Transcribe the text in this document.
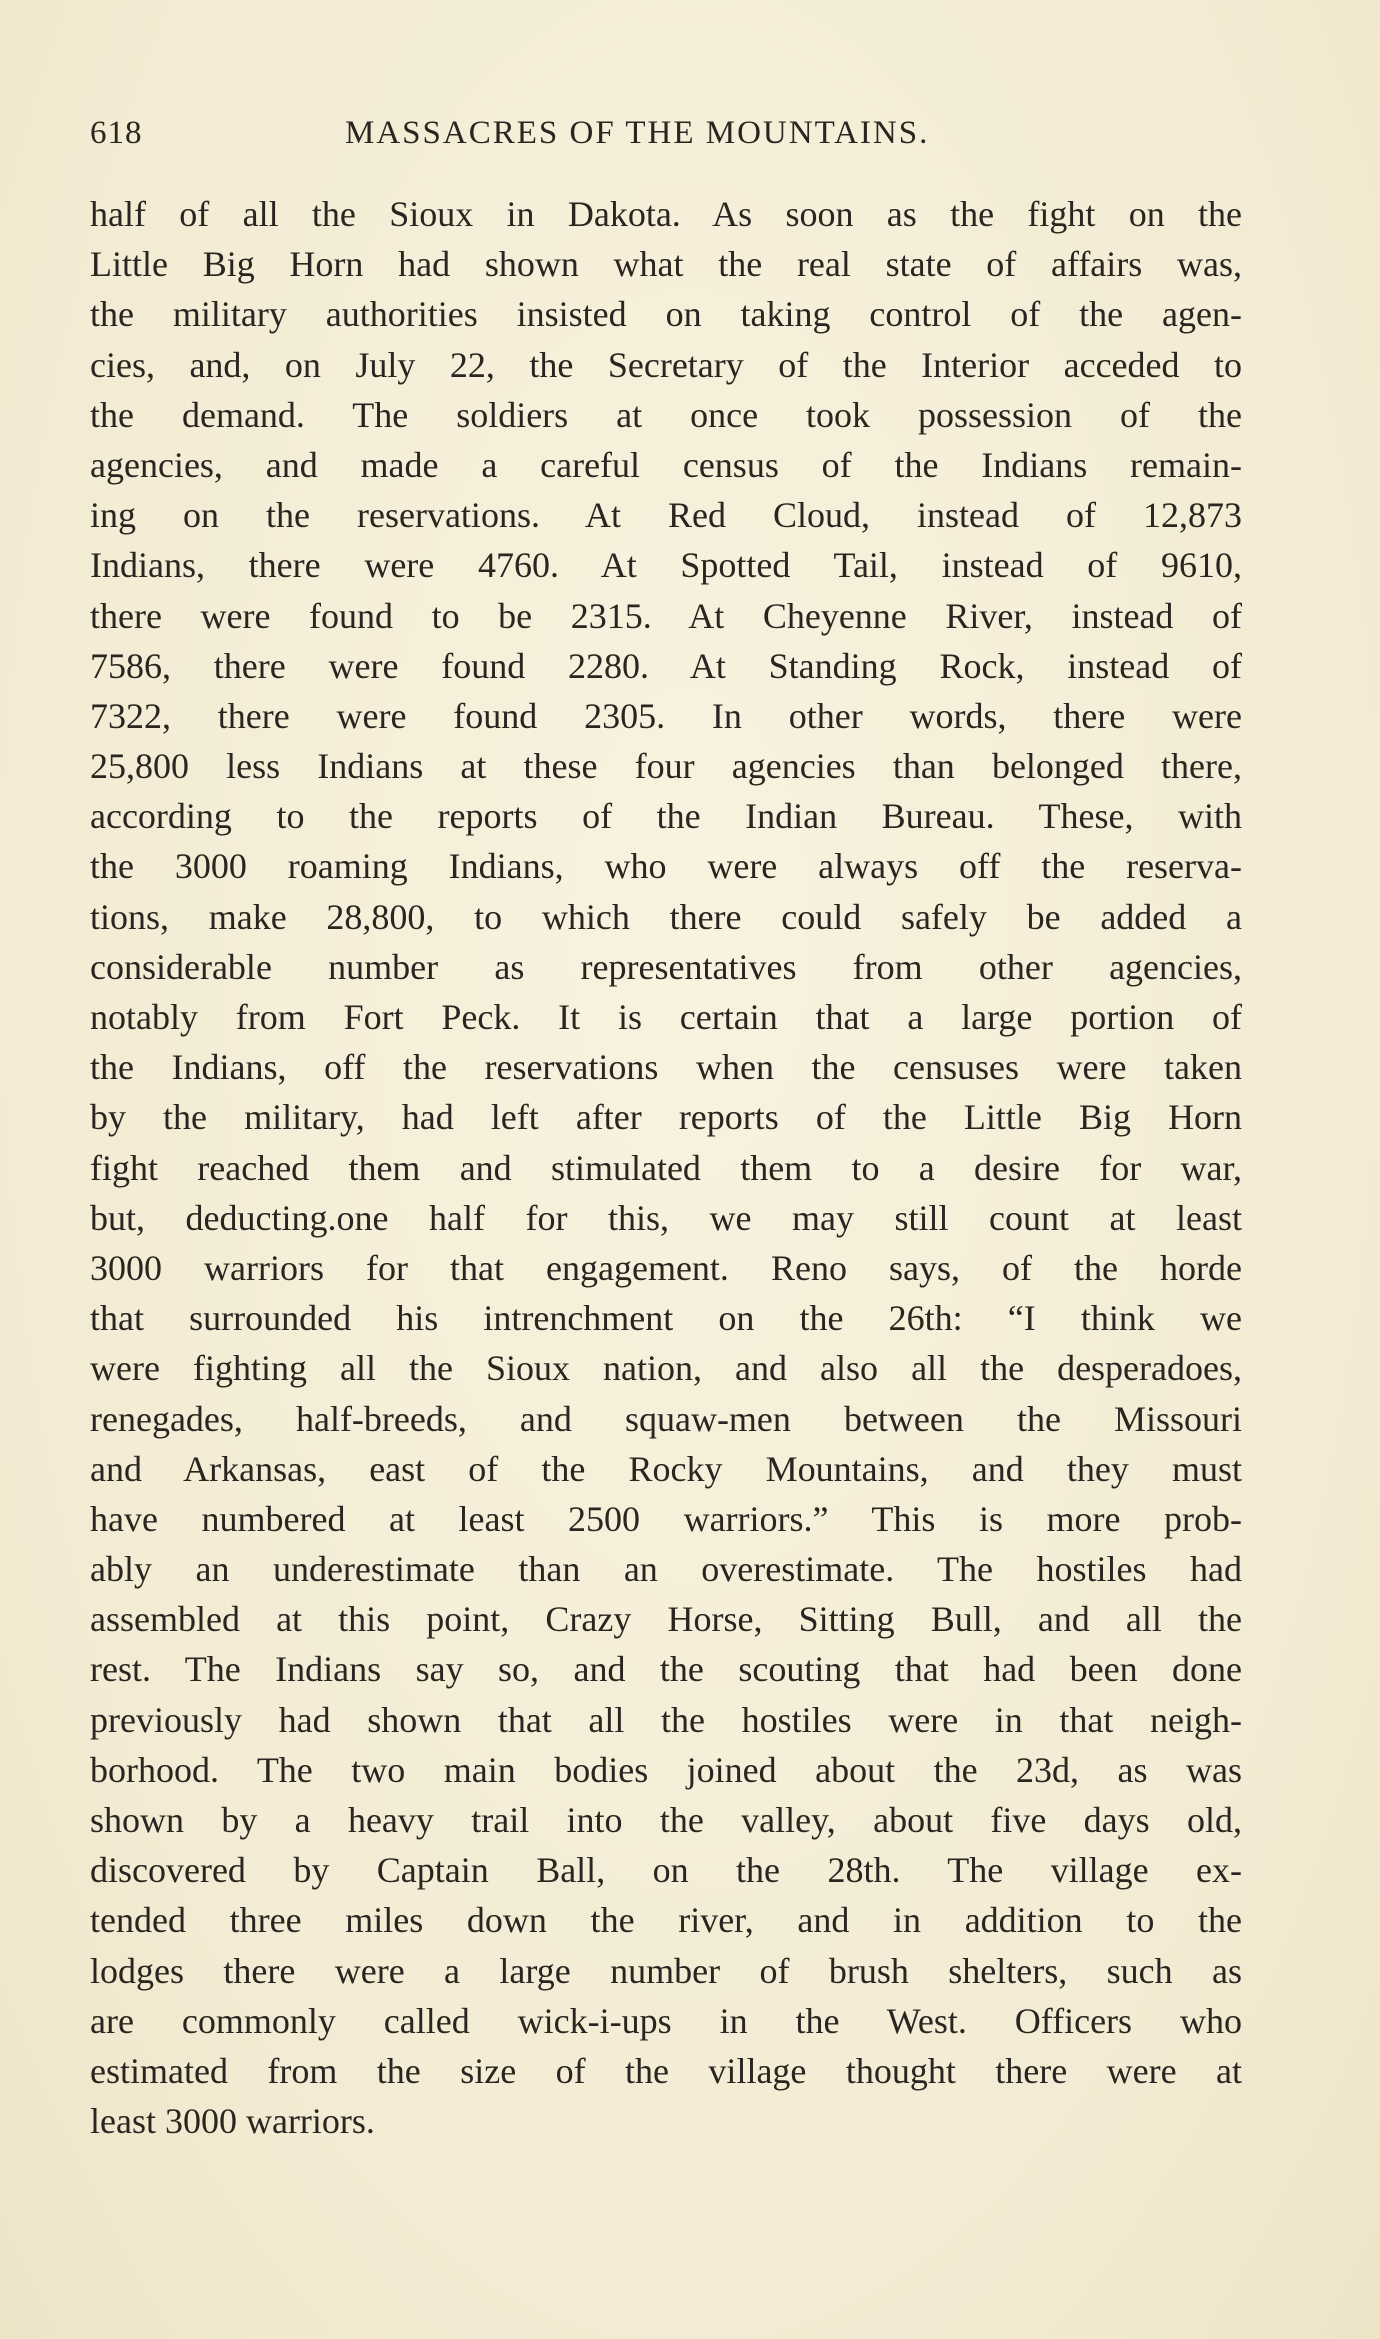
618	MASSACRES OF THE MOUNTAINS.
half of all the Sioux in Dakota. As soon as the fight on the
Little Big Horn had shown what the real state of affairs was,
the military authorities insisted on taking control of the agen-
cies, and, on July 22, the Secretary of the Interior acceded to
the demand. The soldiers at once took possession of the
agencies, and made a careful census of the Indians remain-
ing on the reservations. At Red Cloud, instead of 12,873
Indians, there were 4760. At Spotted Tail, instead of 9610,
there were found to be 2315. At Cheyenne River, instead of
7586, there were found 2280. At Standing Rock, instead of
7322, there were found 2305. In other words, there were
25,800 less Indians at these four agencies than belonged there,
according to the reports of the Indian Bureau. These, with
the 3000 roaming Indians, who were always off the reserva-
tions, make 28,800, to which there could safely be added a
considerable number as representatives from other agencies,
notably from Fort Peck. It is certain that a large portion of
the Indians, off the reservations when the censuses were taken
by the military, had left after reports of the Little Big Horn
fight reached them and stimulated them to a desire for war,
but, deducting.one half for this, we may still count at least
3000 warriors for that engagement. Reno says, of the horde
that surrounded his intrenchment on the 26th: “I think we
were fighting all the Sioux nation, and also all the desperadoes,
renegades, half-breeds, and squaw-men between the Missouri
and Arkansas, east of the Rocky Mountains, and they must
have numbered at least 2500 warriors.” This is more prob-
ably an underestimate than an overestimate. The hostiles had
assembled at this point, Crazy Horse, Sitting Bull, and all the
rest. The Indians say so, and the scouting that had been done
previously had shown that all the hostiles were in that neigh-
borhood. The two main bodies joined about the 23d, as was
shown by a heavy trail into the valley, about five days old,
discovered by Captain Ball, on the 28th. The village ex-
tended three miles down the river, and in addition to the
lodges there were a large number of brush shelters, such as
are commonly called wick-i-ups in the West. Officers who
estimated from the size of the village thought there were at
least 3000 warriors.
